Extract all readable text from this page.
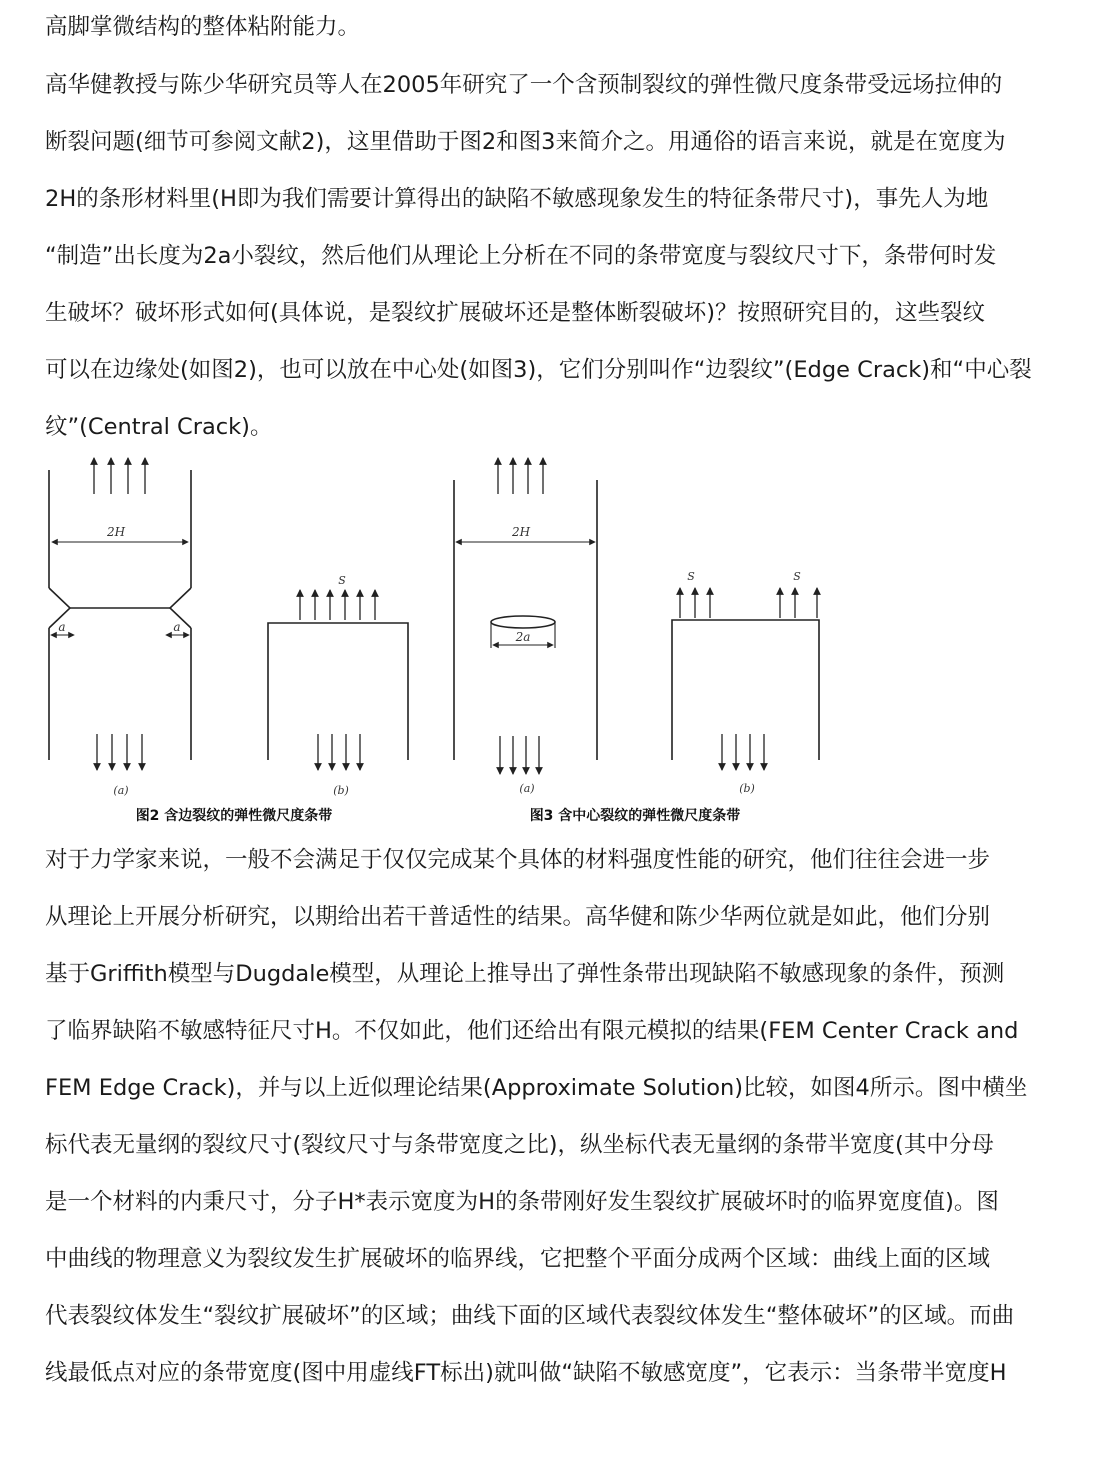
高脚掌微结构的整体粘附能力。
高华健教授与陈少华研究员等人在2005年研究了一个含预制裂纹的弹性微尺度条带受远场拉伸的
断裂问题(细节可参阅文献2)，这里借助于图2和图3来简介之。用通俗的语言来说，就是在宽度为
2H的条形材料里(H即为我们需要计算得出的缺陷不敏感现象发生的特征条带尺寸)，事先人为地
“制造”出长度为2a小裂纹，然后他们从理论上分析在不同的条带宽度与裂纹尺寸下，条带何时发
生破坏？破坏形式如何(具体说，是裂纹扩展破坏还是整体断裂破坏)？按照研究目的，这些裂纹
可以在边缘处(如图2)，也可以放在中心处(如图3)，它们分别叫作“边裂纹”(Edge Crack)和“中心裂
纹”(Central Crack)。
2H
a	a
(a)
S
(b)
2H
2a
(a)
S	S
(b)
图2 含边裂纹的弹性微尺度条带	图3 含中心裂纹的弹性微尺度条带
对于力学家来说，一般不会满足于仅仅完成某个具体的材料强度性能的研究，他们往往会进一步
从理论上开展分析研究，以期给出若干普适性的结果。高华健和陈少华两位就是如此，他们分别
基于Griffith模型与Dugdale模型，从理论上推导出了弹性条带出现缺陷不敏感现象的条件，预测
了临界缺陷不敏感特征尺寸H。不仅如此，他们还给出有限元模拟的结果(FEM Center Crack and
FEM Edge Crack)，并与以上近似理论结果(Approximate Solution)比较，如图4所示。图中横坐
标代表无量纲的裂纹尺寸(裂纹尺寸与条带宽度之比)，纵坐标代表无量纲的条带半宽度(其中分母
是一个材料的内秉尺寸，分子H*表示宽度为H的条带刚好发生裂纹扩展破坏时的临界宽度值)。图
中曲线的物理意义为裂纹发生扩展破坏的临界线，它把整个平面分成两个区域：曲线上面的区域
代表裂纹体发生“裂纹扩展破坏”的区域；曲线下面的区域代表裂纹体发生“整体破坏”的区域。而曲
线最低点对应的条带宽度(图中用虚线FT标出)就叫做“缺陷不敏感宽度”，它表示：当条带半宽度H
